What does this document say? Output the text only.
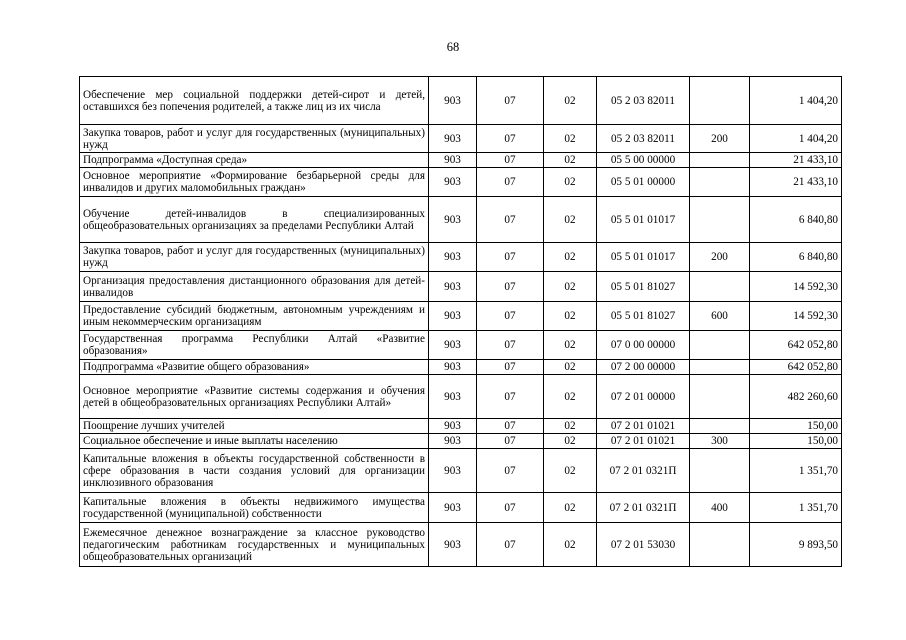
68
Обеспечение мер социальной поддержки детей-сирот и детей, оставшихся без попечения родителей, а также лиц из их числа	903	07	02	05 2 03 82011		1 404,20
Закупка товаров, работ и услуг для государственных (муниципальных) нужд	903	07	02	05 2 03 82011	200	1 404,20
Подпрограмма «Доступная среда»	903	07	02	05 5 00 00000		21 433,10
Основное мероприятие «Формирование безбарьерной среды для инвалидов и других маломобильных граждан»	903	07	02	05 5 01 00000		21 433,10
Обучение детей-инвалидов в специализированных общеобразовательных организациях за пределами Республики Алтай	903	07	02	05 5 01 01017		6 840,80
Закупка товаров, работ и услуг для государственных (муниципальных) нужд	903	07	02	05 5 01 01017	200	6 840,80
Организация предоставления дистанционного образования для детей-инвалидов	903	07	02	05 5 01 81027		14 592,30
Предоставление субсидий бюджетным, автономным учреждениям и иным некоммерческим организациям	903	07	02	05 5 01 81027	600	14 592,30
Государственная программа Республики Алтай «Развитие образования»	903	07	02	07 0 00 00000		642 052,80
Подпрограмма «Развитие общего образования»	903	07	02	07 2 00 00000		642 052,80
Основное мероприятие «Развитие системы содержания и обучения детей в общеобразовательных организациях Республики Алтай»	903	07	02	07 2 01 00000		482 260,60
Поощрение лучших учителей	903	07	02	07 2 01 01021		150,00
Социальное обеспечение и иные выплаты населению	903	07	02	07 2 01 01021	300	150,00
Капитальные вложения в объекты государственной собственности в сфере образования в части создания условий для организации инклюзивного образования	903	07	02	07 2 01 0321П		1 351,70
Капитальные вложения в объекты недвижимого имущества государственной (муниципальной) собственности	903	07	02	07 2 01 0321П	400	1 351,70
Ежемесячное денежное вознаграждение за классное руководство педагогическим работникам государственных и муниципальных общеобразовательных организаций	903	07	02	07 2 01 53030		9 893,50
